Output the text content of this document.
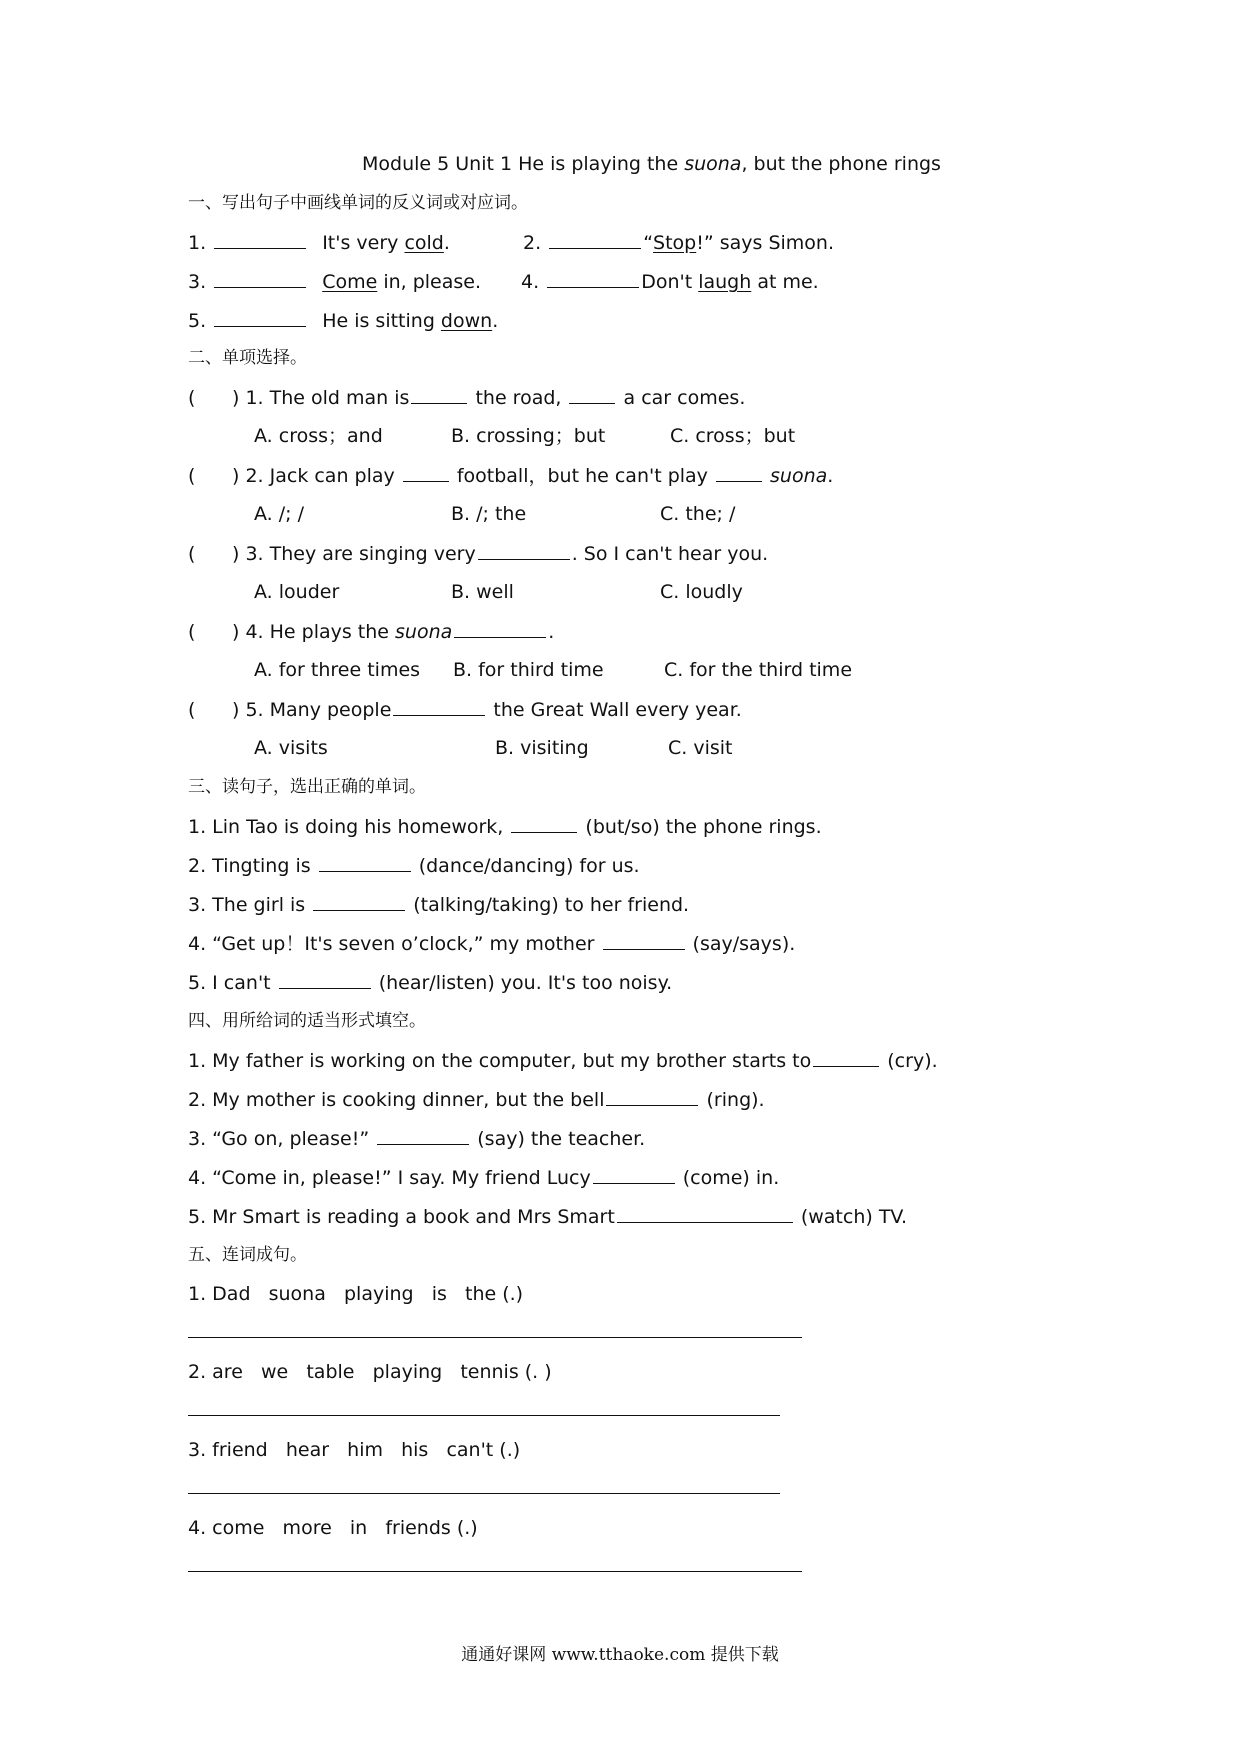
Module 5 Unit 1 He is playing the suona, but the phone rings
一、写出句子中画线单词的反义词或对应词。
1.	It's very cold.	2.	“Stop!” says Simon.
3.	Come in, please. 4.	Don't laugh at me.
5.	He is sitting down.
二、单项选择。
( ) 1. The old man is	the road,	a car comes.
A. cross；and	B. crossing；but	C. cross；but
( ) 2. Jack can play	football，but he can't play	suona.
A. /; /	B. /; the	C. the; /
( ) 3. They are singing very	. So I can't hear you.
A. louder	B. well	C. loudly
( ) 4. He plays the suona	.
A. for three times B. for third time	C. for the third time
( ) 5. Many people	the Great Wall every year.
A. visits	B. visiting	C. visit
三、读句子，选出正确的单词。
1. Lin Tao is doing his homework,	(but/so) the phone rings.
2. Tingting is	(dance/dancing) for us.
3. The girl is	(talking/taking) to her friend.
4. “Get up！It's seven o’clock,” my mother	(say/says).
5. I can't	(hear/listen) you. It's too noisy.
四、用所给词的适当形式填空。
1. My father is working on the computer, but my brother starts to	(cry).
2. My mother is cooking dinner, but the bell	(ring).
3. “Go on, please!”	(say) the teacher.
4. “Come in, please!” I say. My friend Lucy	(come) in.
5. Mr Smart is reading a book and Mrs Smart	(watch) TV.
五、连词成句。
1. Dad   suona   playing   is   the (.)
2. are   we   table   playing   tennis (. )
3. friend   hear   him   his   can't (.)
4. come   more   in   friends (.)
通通好课网 www.tthaoke.com 提供下载
